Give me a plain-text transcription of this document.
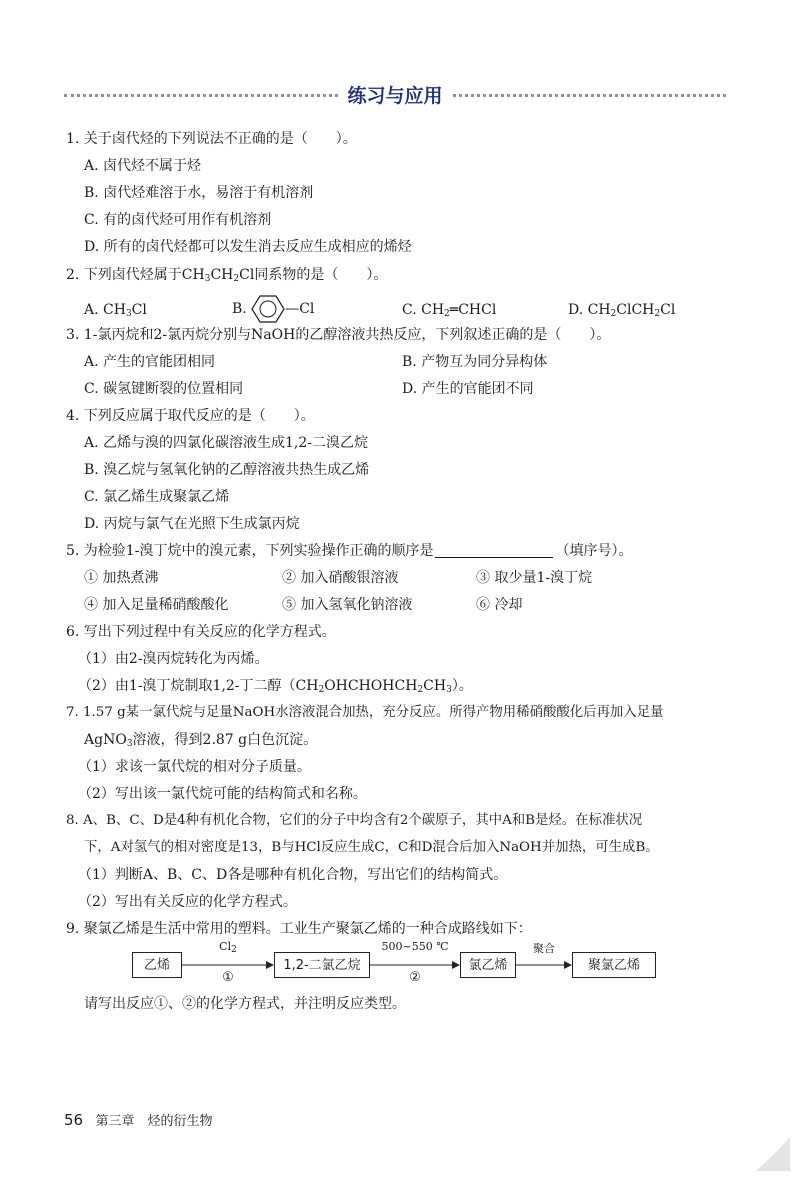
练习与应用
1. 关于卤代烃的下列说法不正确的是（　　）。
A. 卤代烃不属于烃
B. 卤代烃难溶于水，易溶于有机溶剂
C. 有的卤代烃可用作有机溶剂
D. 所有的卤代烃都可以发生消去反应生成相应的烯烃
2. 下列卤代烃属于$CH_3CH_2Cl$同系物的是（　　）。
A. $CH_3Cl$	B.	—Cl	C. $CH_2═CHCl$	D. $CH_2ClCH_2Cl$
3. 1-氯丙烷和2-氯丙烷分别与NaOH的乙醇溶液共热反应，下列叙述正确的是（　　）。
A. 产生的官能团相同	B. 产物互为同分异构体
C. 碳氢键断裂的位置相同	D. 产生的官能团不同
4. 下列反应属于取代反应的是（　　）。
A. 乙烯与溴的四氯化碳溶液生成1,2-二溴乙烷
B. 溴乙烷与氢氧化钠的乙醇溶液共热生成乙烯
C. 氯乙烯生成聚氯乙烯
D. 丙烷与氯气在光照下生成氯丙烷
5. 为检验1-溴丁烷中的溴元素，下列实验操作正确的顺序是	（填序号）。
① 加热煮沸	② 加入硝酸银溶液	③ 取少量1-溴丁烷
④ 加入足量稀硝酸酸化	⑤ 加入氢氧化钠溶液	⑥ 冷却
6. 写出下列过程中有关反应的化学方程式。
（1）由2-溴丙烷转化为丙烯。
（2）由1-溴丁烷制取1,2-丁二醇$(CH_2OHCHOHCH_2CH_3)$。
7. 1.57 g某一氯代烷与足量NaOH水溶液混合加热，充分反应。所得产物用稀硝酸酸化后再加入足量
AgNO$_3$溶液，得到2.87 g白色沉淀。
（1）求该一氯代烷的相对分子质量。
（2）写出该一氯代烷可能的结构简式和名称。
8. A、B、C、D是4种有机化合物，它们的分子中均含有2个碳原子，其中A和B是烃。在标准状况
下，A对氢气的相对密度是13，B与HCl反应生成C，C和D混合后加入NaOH并加热，可生成B。
（1）判断A、B、C、D各是哪种有机化合物，写出它们的结构简式。
（2）写出有关反应的化学方程式。
9. 聚氯乙烯是生活中常用的塑料。工业生产聚氯乙烯的一种合成路线如下：
乙烯
$Cl_2$
①
1,2-二氯乙烷
500~550 ℃
②
氯乙烯
聚合
聚氯乙烯
请写出反应①、②的化学方程式，并注明反应类型。
56 第三章　烃的衍生物
